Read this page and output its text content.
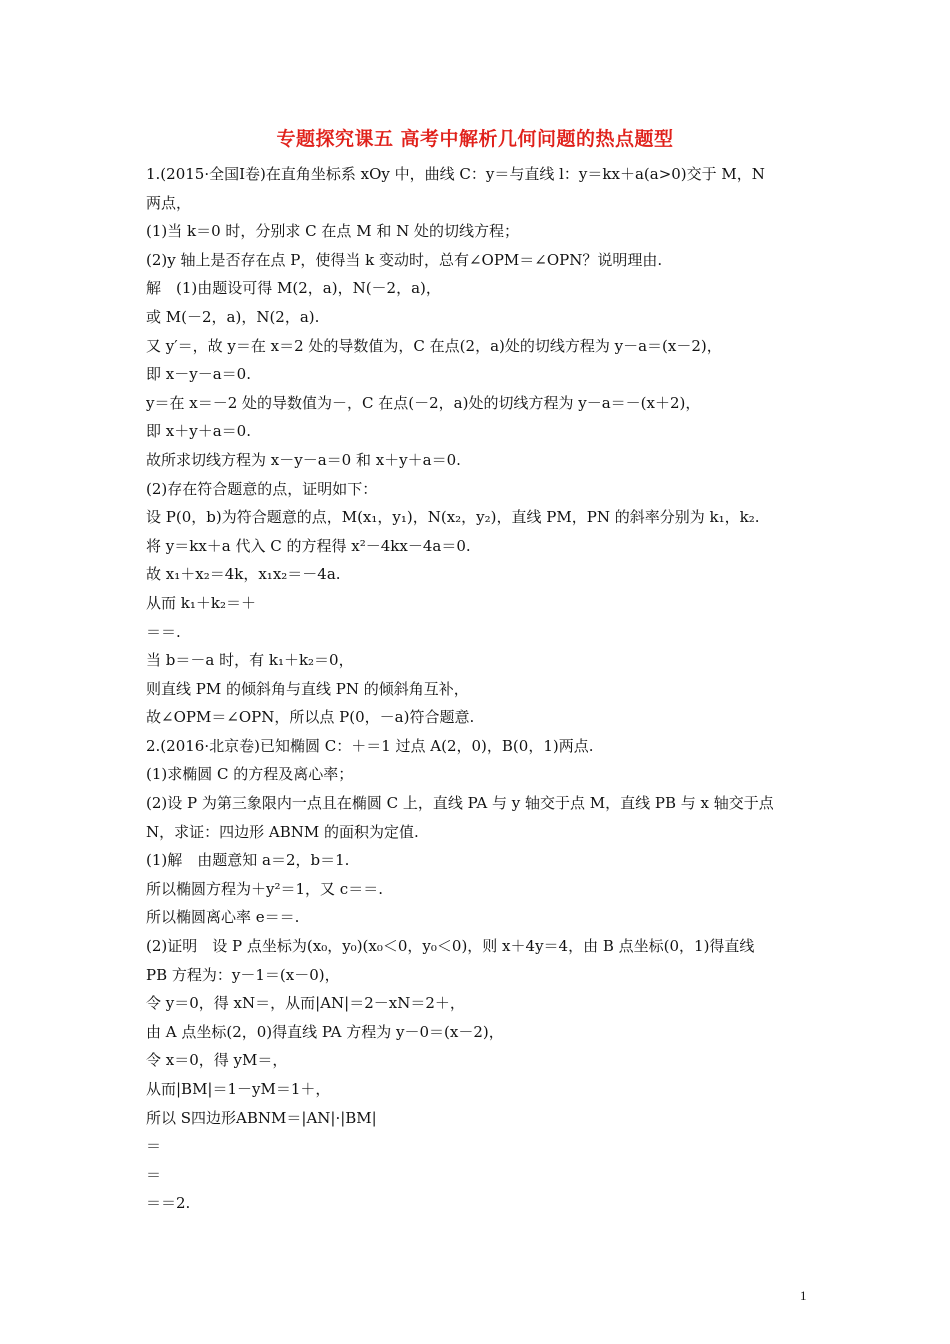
专题探究课五 高考中解析几何问题的热点题型
1.(2015·全国Ⅰ卷)在直角坐标系 xOy 中，曲线 C：y＝与直线 l：y＝kx＋a(a>0)交于 M，N
两点，
(1)当 k＝0 时，分别求 C 在点 M 和 N 处的切线方程；
(2)y 轴上是否存在点 P，使得当 k 变动时，总有∠OPM＝∠OPN？说明理由.
解　(1)由题设可得 M(2，a)，N(－2，a)，
或 M(－2，a)，N(2，a).
又 y′＝，故 y＝在 x＝2 处的导数值为，C 在点(2，a)处的切线方程为 y－a＝(x－2)，
即 x－y－a＝0.
y＝在 x＝－2 处的导数值为－，C 在点(－2，a)处的切线方程为 y－a＝－(x＋2)，
即 x＋y＋a＝0.
故所求切线方程为 x－y－a＝0 和 x＋y＋a＝0.
(2)存在符合题意的点，证明如下：
设 P(0，b)为符合题意的点，M(x₁，y₁)，N(x₂，y₂)，直线 PM，PN 的斜率分别为 k₁，k₂.
将 y＝kx＋a 代入 C 的方程得 x²－4kx－4a＝0.
故 x₁＋x₂＝4k，x₁x₂＝－4a.
从而 k₁＋k₂＝＋
＝＝.
当 b＝－a 时，有 k₁＋k₂＝0，
则直线 PM 的倾斜角与直线 PN 的倾斜角互补，
故∠OPM＝∠OPN，所以点 P(0，－a)符合题意.
2.(2016·北京卷)已知椭圆 C：＋＝1 过点 A(2，0)，B(0，1)两点.
(1)求椭圆 C 的方程及离心率；
(2)设 P 为第三象限内一点且在椭圆 C 上，直线 PA 与 y 轴交于点 M，直线 PB 与 x 轴交于点
N，求证：四边形 ABNM 的面积为定值.
(1)解　由题意知 a＝2，b＝1.
所以椭圆方程为＋y²＝1，又 c＝＝.
所以椭圆离心率 e＝＝.
(2)证明　设 P 点坐标为(x₀，y₀)(x₀＜0，y₀＜0)，则 x＋4y＝4，由 B 点坐标(0，1)得直线
PB 方程为：y－1＝(x－0)，
令 y＝0，得 xN＝，从而|AN|＝2－xN＝2＋，
由 A 点坐标(2，0)得直线 PA 方程为 y－0＝(x－2)，
令 x＝0，得 yM＝，
从而|BM|＝1－yM＝1＋，
所以 S四边形ABNM＝|AN|·|BM|
＝
＝
＝＝2.
1
